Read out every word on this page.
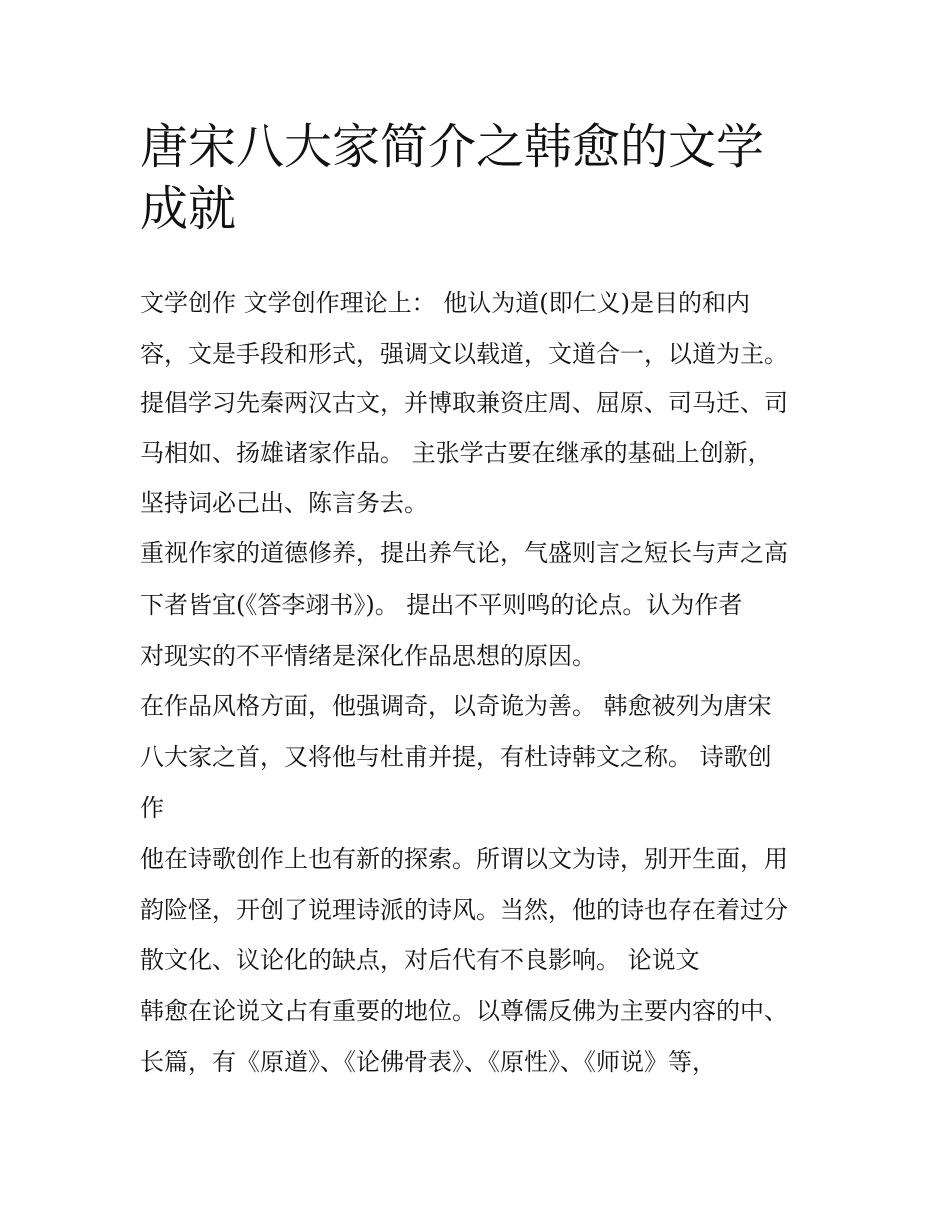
唐宋八大家简介之韩愈的文学
成就

文学创作 文学创作理论上： 他认为道(即仁义)是目的和内

容，文是手段和形式，强调文以载道，文道合一，以道为主。

提倡学习先秦两汉古文，并博取兼资庄周、屈原、司马迁、司

马相如、扬雄诸家作品。 主张学古要在继承的基础上创新，

坚持词必己出、陈言务去。

重视作家的道德修养，提出养气论，气盛则言之短长与声之高

下者皆宜(《答李翊书》)。 提出不平则鸣的论点。认为作者

对现实的不平情绪是深化作品思想的原因。

在作品风格方面，他强调奇，以奇诡为善。 韩愈被列为唐宋

八大家之首，又将他与杜甫并提，有杜诗韩文之称。 诗歌创

作

他在诗歌创作上也有新的探索。所谓以文为诗，别开生面，用

韵险怪，开创了说理诗派的诗风。当然，他的诗也存在着过分

散文化、议论化的缺点，对后代有不良影响。 论说文

韩愈在论说文占有重要的地位。以尊儒反佛为主要内容的中、

长篇，有《原道》、《论佛骨表》、《原性》、《师说》等，
